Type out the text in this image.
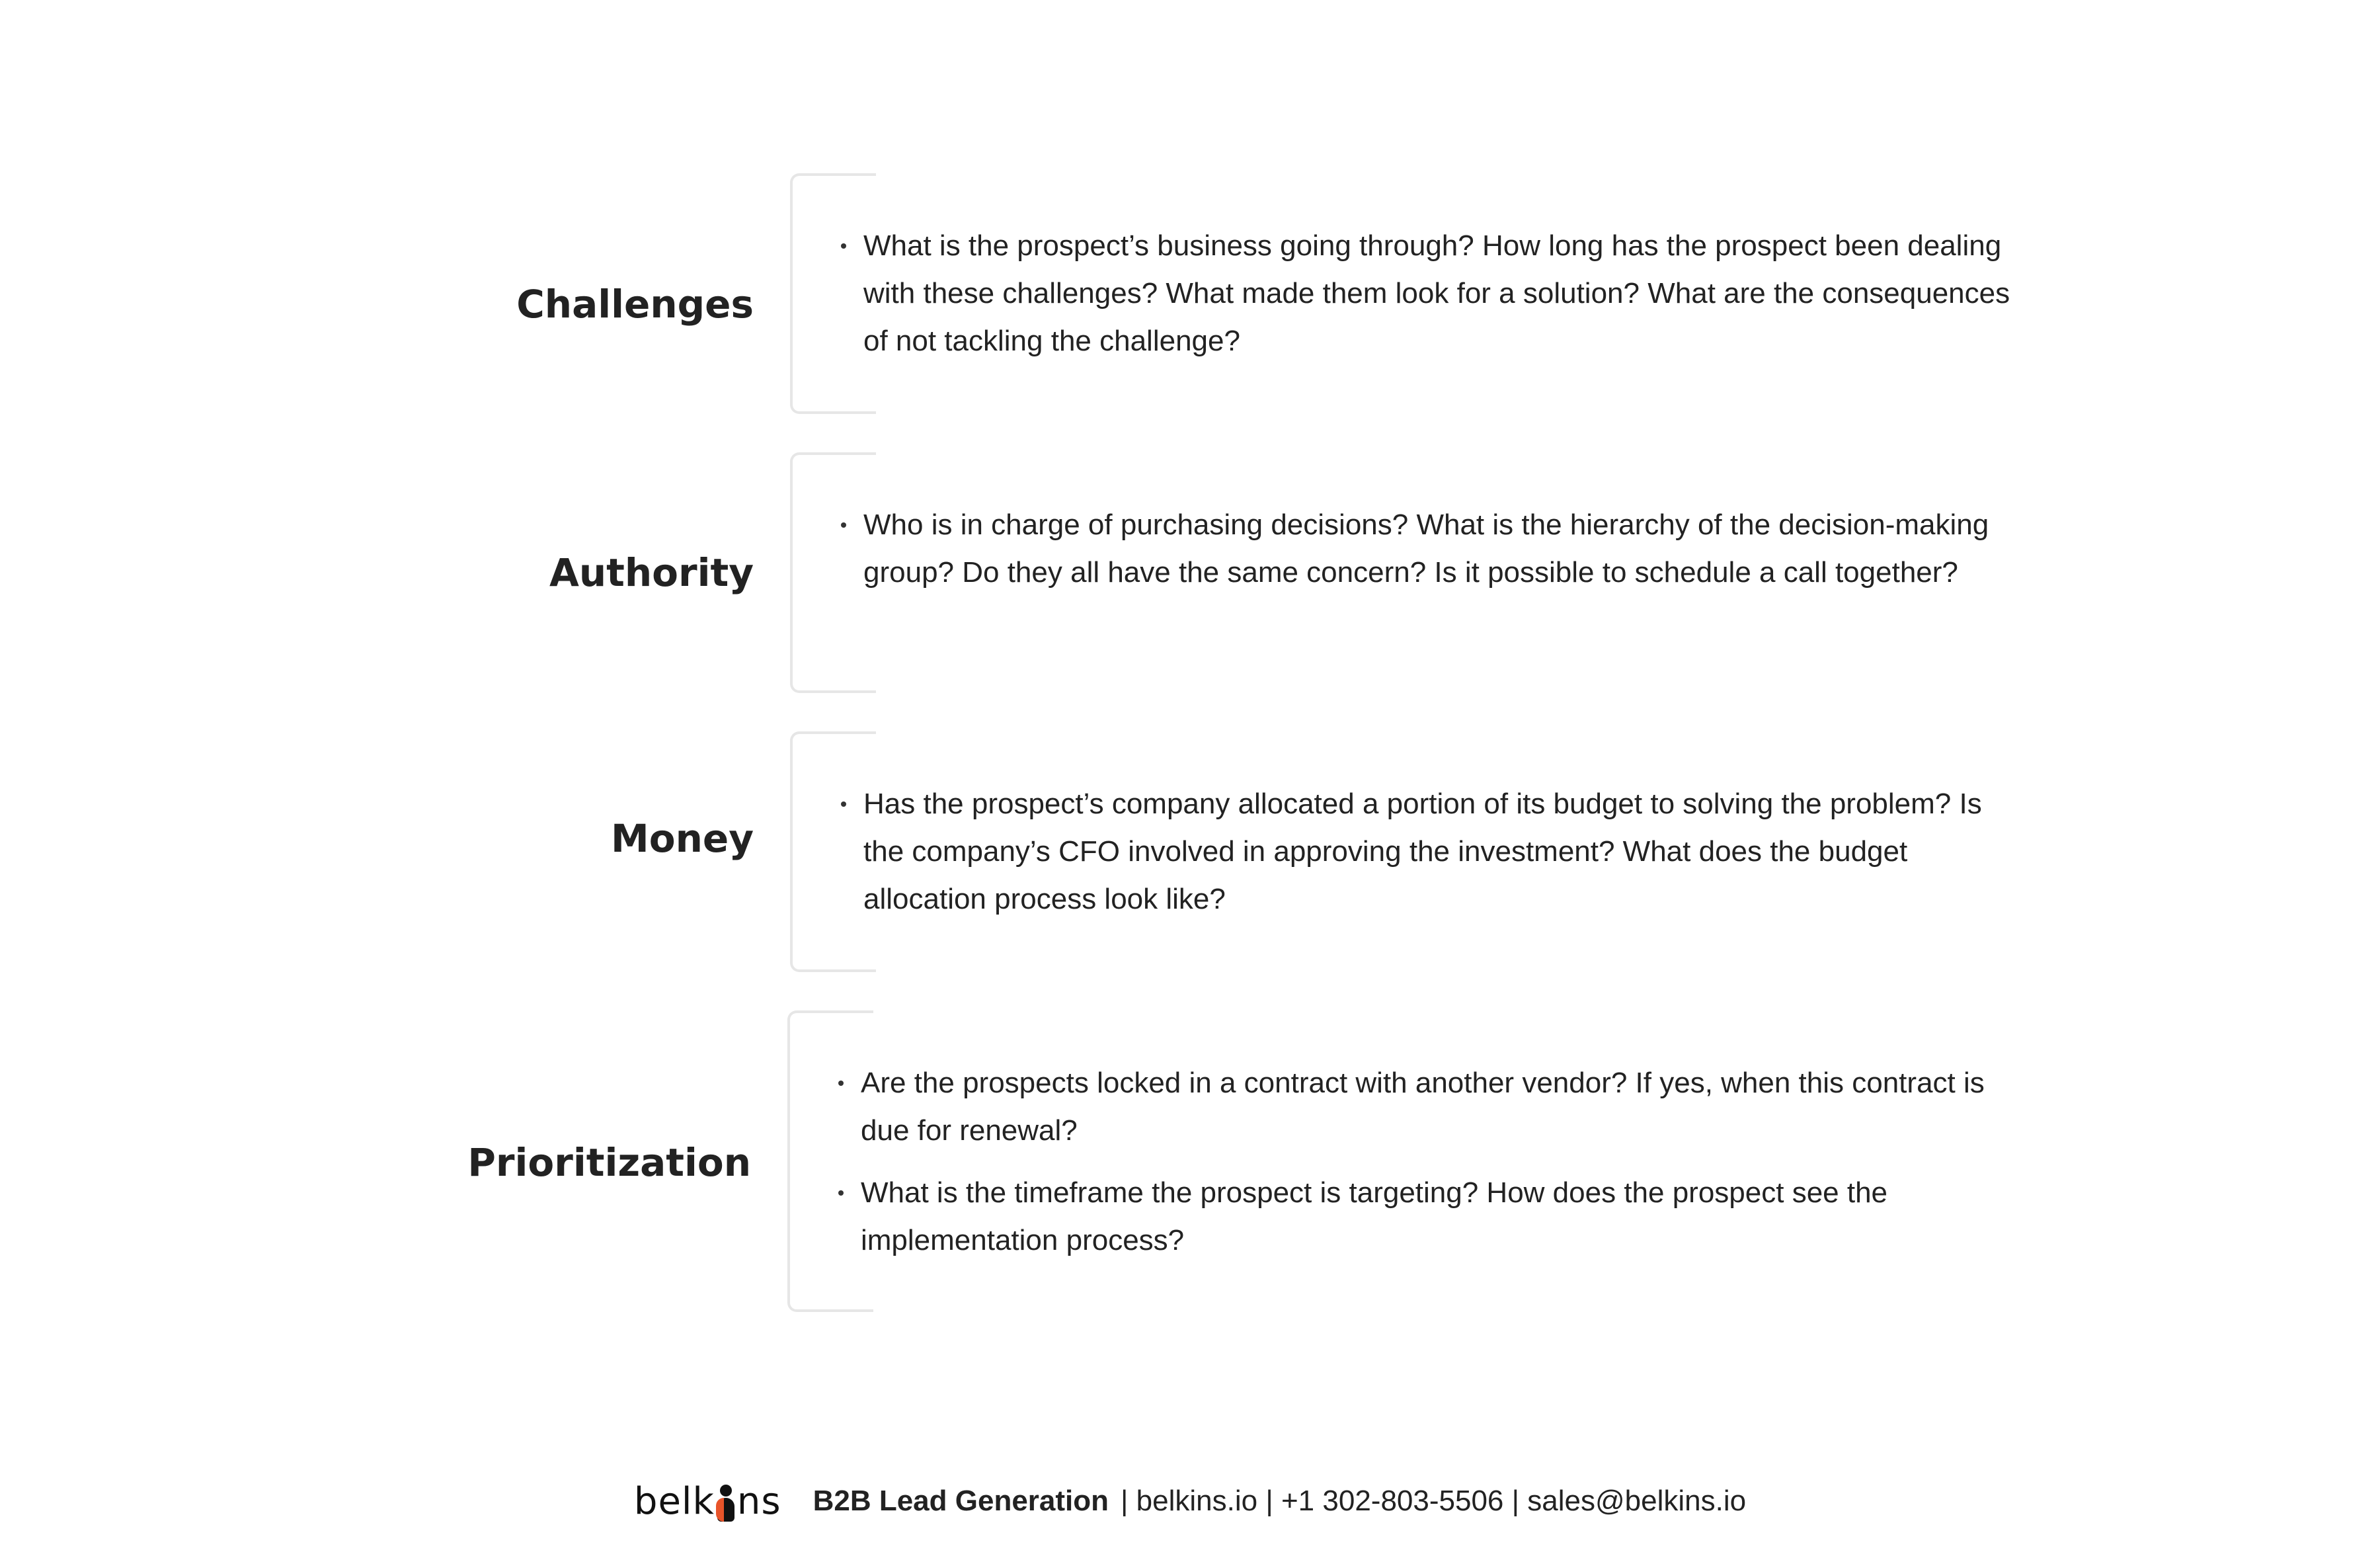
Challenges
What is the prospect’s business going through? How long has the prospect been dealing with these challenges? What made them look for a solution? What are the consequences of not tackling the challenge?
Authority
Who is in charge of purchasing decisions? What is the hierarchy of the decision-making group? Do they all have the same concern? Is it possible to schedule a call together?
Money
Has the prospect’s company allocated a portion of its budget to solving the problem? Is the company’s CFO involved in approving the investment? What does the budget allocation process look like?
Prioritization
Are the prospects locked in a contract with another vendor? If yes, when this contract is due for renewal?
What is the timeframe the prospect is targeting? How does the prospect see the implementation process?
belk ns B2B Lead Generation | belkins.io | +1 302-803-5506 | sales@belkins.io
